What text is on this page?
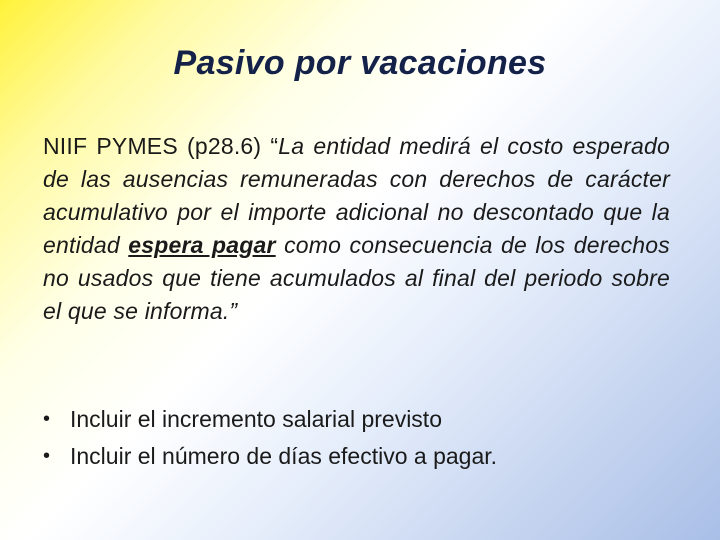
Pasivo por vacaciones

NIIF PYMES (p28.6) “La entidad medirá el costo esperado de las ausencias remuneradas con derechos de carácter acumulativo por el importe adicional no descontado que la entidad espera pagar como consecuencia de los derechos no usados que tiene acumulados al final del periodo sobre el que se informa.”

• Incluir el incremento salarial previsto
• Incluir el número de días efectivo a pagar.
